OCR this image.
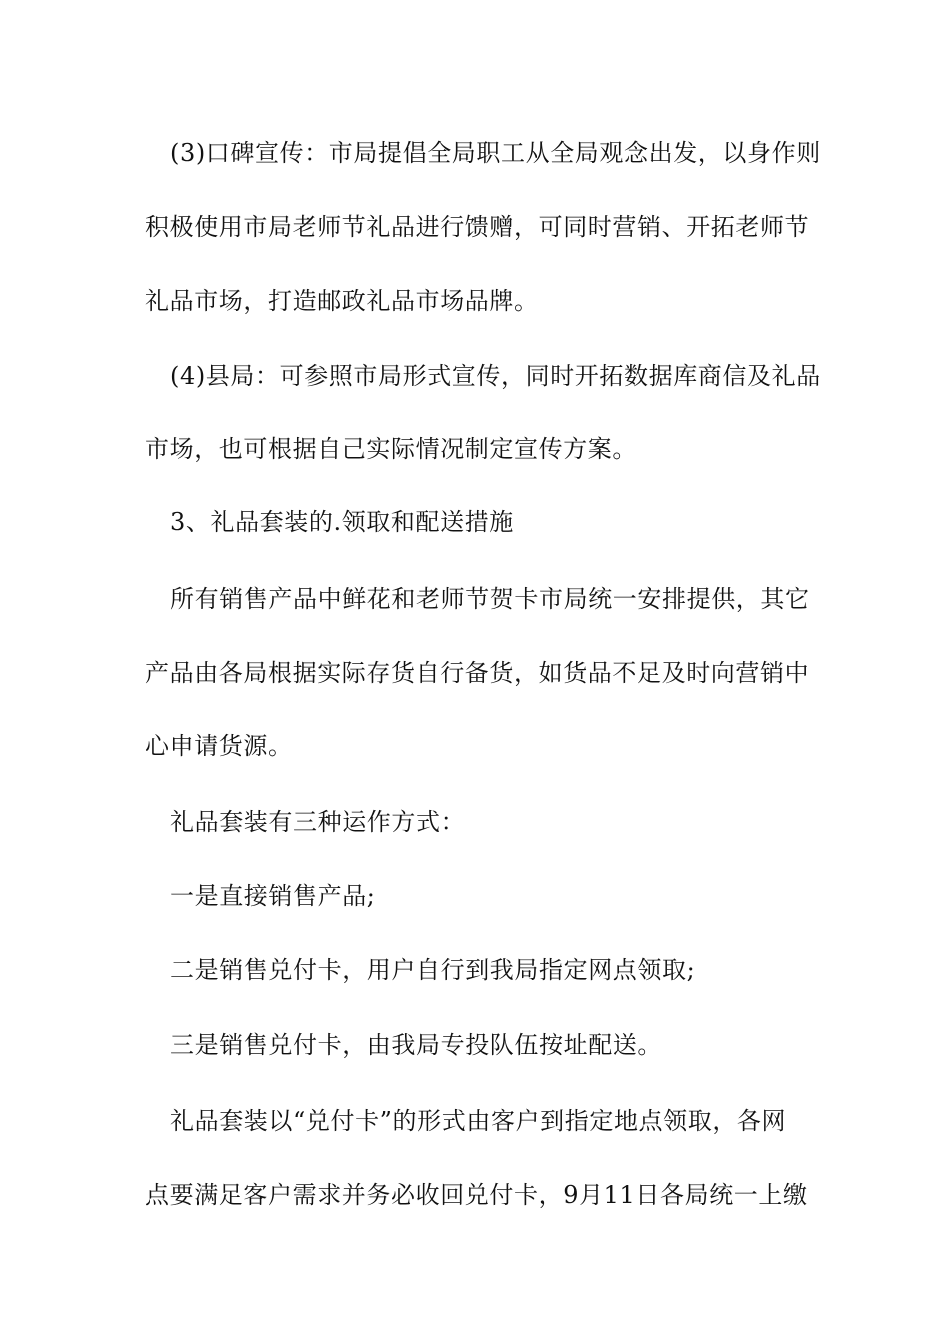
(3)口碑宣传：市局提倡全局职工从全局观念出发，以身作则
积极使用市局老师节礼品进行馈赠，可同时营销、开拓老师节
礼品市场，打造邮政礼品市场品牌。
(4)县局：可参照市局形式宣传，同时开拓数据库商信及礼品
市场，也可根据自己实际情况制定宣传方案。
3、礼品套装的.领取和配送措施
所有销售产品中鲜花和老师节贺卡市局统一安排提供，其它
产品由各局根据实际存货自行备货，如货品不足及时向营销中
心申请货源。
礼品套装有三种运作方式：
一是直接销售产品;
二是销售兑付卡，用户自行到我局指定网点领取;
三是销售兑付卡，由我局专投队伍按址配送。
礼品套装以“兑付卡”的形式由客户到指定地点领取，各网
点要满足客户需求并务必收回兑付卡，9月11日各局统一上缴
